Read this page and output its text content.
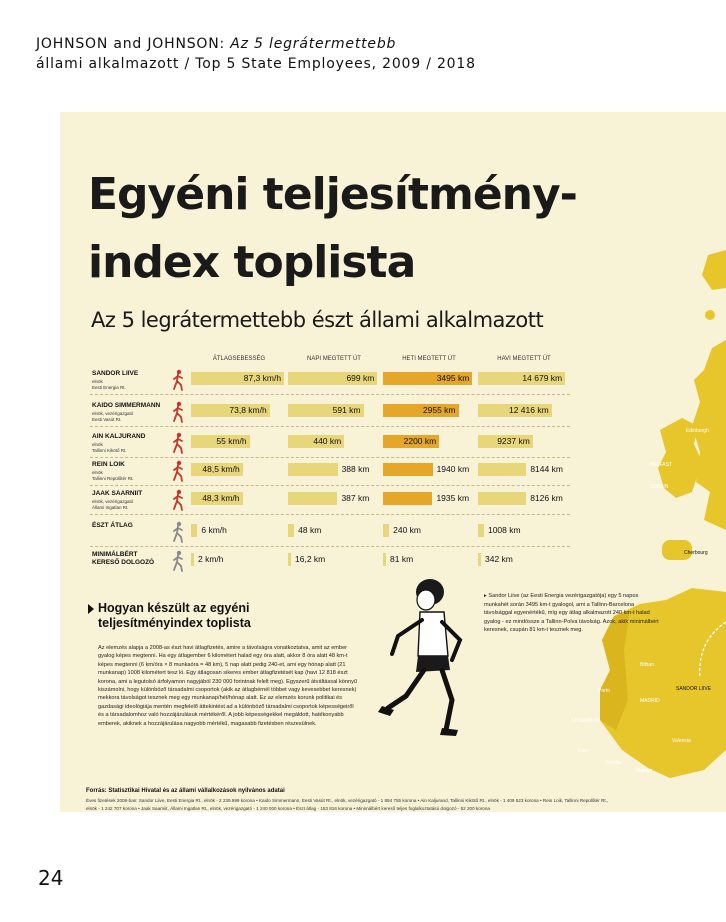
JOHNSON and JOHNSON: Az 5 legrátermettebb
állami alkalmazott / Top 5 State Employees, 2009 / 2018
Edinburgh
BELFAST
DUBLIN
Bilbao
Porto
MADRID
LISSZABON
Valencia
Sevilla
Faro
Malaga
SANDOR LIIVE
Cherbourg
Egyéni teljesítmény-
index toplista
Az 5 legrátermettebb észt állami alkalmazott
ÁTLAGSEBESSÉG	NAPI MEGTETT ÚT	HETI MEGTETT ÚT	HAVI MEGTETT ÚT
SANDOR LIIVE
elnök
Eesti Energia Rt.
87,3 km/h	699 km	3495 km	14 679 km
KAIDO SIMMERMANN
elnök, vezérigazgató
Eesti Vasút Rt.
73,8 km/h	591 km	2955 km	12 416 km
AIN KALJURAND
elnök
Tallinni Kikötő Rt.
55 km/h	440 km	2200 km	9237 km
REIN LOIK
elnök
Tallinni Repülőtér Rt.
48,5 km/h	388 km	1940 km	8144 km
JAAK SAARNIIT
elnök, vezérigazgató
Állami Ingatlan Rt.
48,3 km/h	387 km	1935 km	8126 km
ÉSZT ÁTLAG	6 km/h	48 km	240 km	1008 km
MINIMÁLBÉRT
KERESŐ DOLGOZÓ	2 km/h	16,2 km	81 km	342 km
▸ Sandor Liive (az Eesti Energia vezérigazgatója) egy 5 napos munkahét során 3495 km-t gyalogol, ami a Tallinn-Barcelona távolsággal egyenértékű, míg egy átlag alkalmazott 240 km-t halad gyalog - ez mindössze a Tallinn-Polva távolság. Azok, akik minimálbért keresnek, csupán 81 km-t tesznek meg.
Hogyan készült az egyéni
teljesítményindex toplista
Az elemzés alapja a 2008-as észt havi átlagfizetés, amire a távolságra vonatkoztatva, amit az ember gyalog képes megtenni. Ha egy átlagember 6 kilométert halad egy óra alatt, akkor 8 óra alatt 48 km-t képes megtenni (6 km/óra × 8 munkaóra = 48 km), 5 nap alatt pedig 240-et, ami egy hónap alatt (21 munkanap) 1008 kilométert tesz ki. Egy átlagosan sikeres ember átlagfizetését kap (havi 12 818 észt korona, ami a legutolsó árfolyamon nagyjából 230 000 forintnak felelt meg). Egyszerű átváltással könnyű kiszámolni, hogy különböző társadalmi csoportok (akik az átlagbérnél többet vagy kevesebbet keresnek) mekkora távolságot tesznek meg egy munkanap/hét/hónap alatt. Ez az elemzés korunk politikai és gazdasági ideológiája mentén megfelelő áttekintést ad a különböző társadalmi csoportok képességeiről és a társadalomhoz való hozzájárulásuk mértékéről. A jobb képességekkel megáldott, hatékonyabb emberek, akiknek a hozzájárulása nagyobb mértékű, magasabb fizetésben részesülnek.
Forrás: Statisztikai Hivatal és az állami vállalkozások nyilvános adatai
Éves fizetések 2008-ban: Sandor Liive, Eesti Energia Rt., elnök - 2 239.999 korona • Kaido Simmermann, Eesti Vasút Rt., elnök, vezérigazgató - 1 894 755 korona • Ain Kaljurand, Tallinni Kikötő Rt., elnök - 1 409 523 korona • Rein Loik, Tallinni Repülőtér Rt., elnök - 1 242 707 korona • Jaak Saarniit, Állami Ingatlan Rt., elnök, vezérigazgató - 1 240 000 korona • Észt átlag - 153 816 korona • Minimálbért kereső teljes foglalkoztatású dolgozó - 52 200 korona
24
